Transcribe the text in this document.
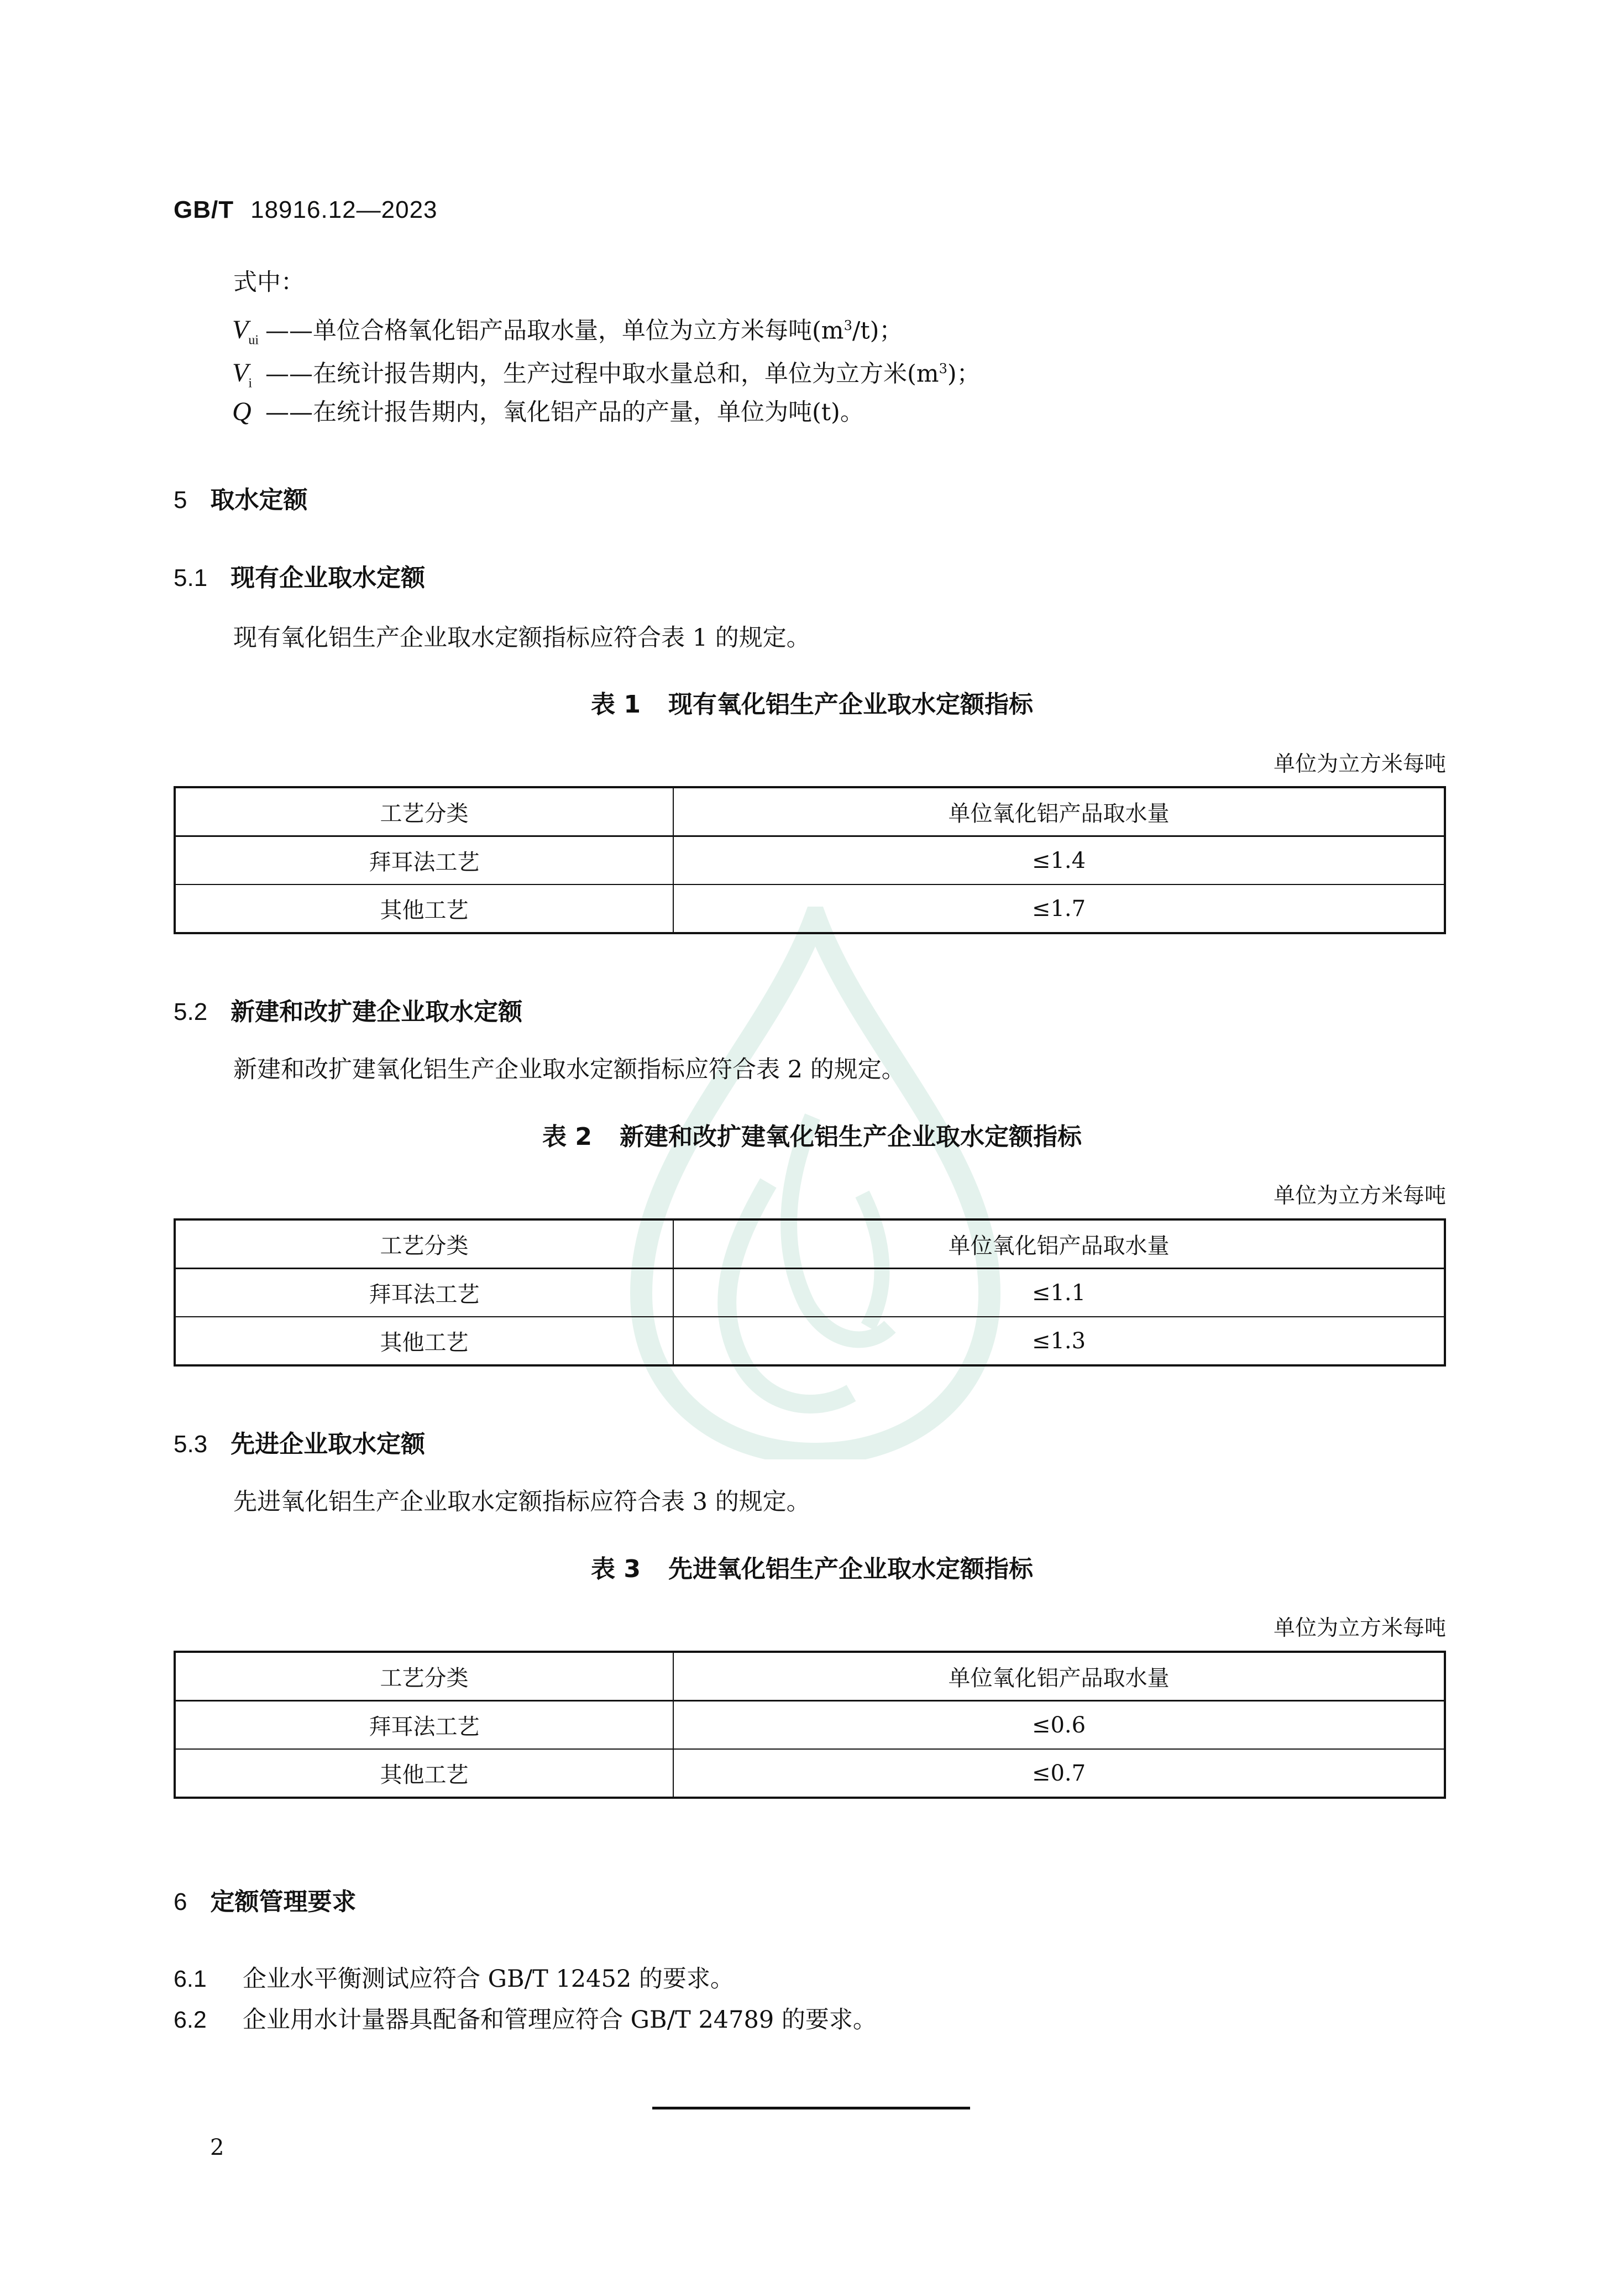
GB/T 18916.12—2023
式中：
$V_{ui}$ ——单位合格氧化铝产品取水量，单位为立方米每吨$(m^3/t)$；
$V_i$ ——在统计报告期内，生产过程中取水量总和，单位为立方米$(m^3)$；
Q ——在统计报告期内，氧化铝产品的产量，单位为吨(t)。
5 取水定额
5.1 现有企业取水定额
现有氧化铝生产企业取水定额指标应符合表 1 的规定。
表 1 现有氧化铝生产企业取水定额指标
单位为立方米每吨
工艺分类	单位氧化铝产品取水量
拜耳法工艺	≤1.4
其他工艺	≤1.7
5.2 新建和改扩建企业取水定额
新建和改扩建氧化铝生产企业取水定额指标应符合表 2 的规定。
表 2 新建和改扩建氧化铝生产企业取水定额指标
单位为立方米每吨
工艺分类	单位氧化铝产品取水量
拜耳法工艺	≤1.1
其他工艺	≤1.3
5.3 先进企业取水定额
先进氧化铝生产企业取水定额指标应符合表 3 的规定。
表 3 先进氧化铝生产企业取水定额指标
单位为立方米每吨
工艺分类	单位氧化铝产品取水量
拜耳法工艺	≤0.6
其他工艺	≤0.7
6 定额管理要求
6.1 企业水平衡测试应符合 GB/T 12452 的要求。
6.2 企业用水计量器具配备和管理应符合 GB/T 24789 的要求。
2
